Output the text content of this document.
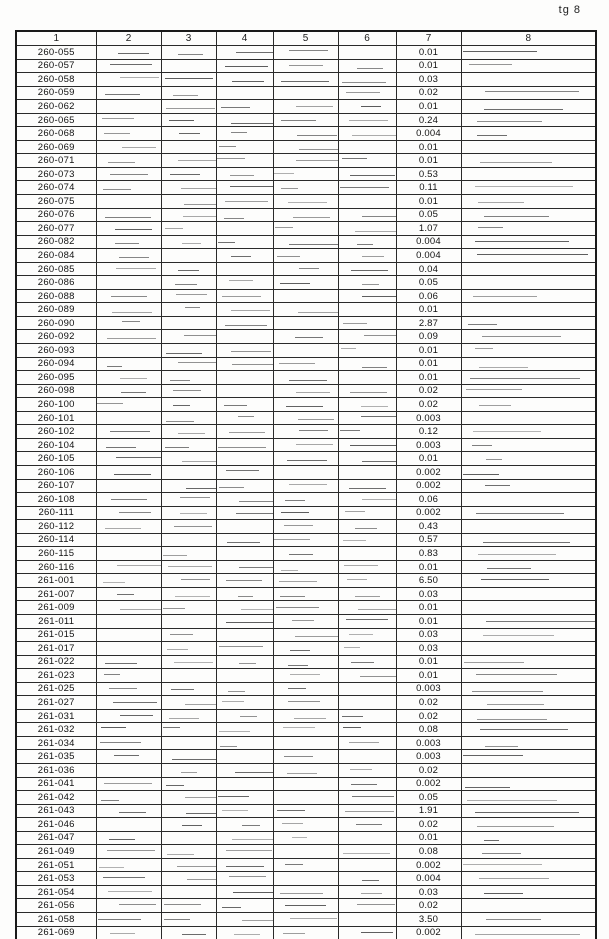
tg 8
1	2	3	4	5	6	7	8
260-055						0.01	
260-057						0.01	
260-058						0.03	
260-059						0.02	
260-062						0.01	
260-065						0.24	
260-068						0.004	
260-069						0.01	
260-071						0.01	
260-073						0.53	
260-074						0.11	
260-075						0.01	
260-076						0.05	
260-077						1.07	
260-082						0.004	
260-084						0.004	
260-085						0.04	
260-086						0.05	
260-088						0.06	
260-089						0.01	
260-090						2.87	
260-092						0.09	
260-093						0.01	
260-094						0.01	
260-095						0.01	
260-098						0.02	
260-100						0.02	
260-101						0.003	
260-102						0.12	
260-104						0.003	
260-105						0.01	
260-106						0.002	
260-107						0.002	
260-108						0.06	
260-111						0.002	
260-112						0.43	
260-114						0.57	
260-115						0.83	
260-116						0.01	
261-001						6.50	
261-007						0.03	
261-009						0.01	
261-011						0.01	
261-015						0.03	
261-017						0.03	
261-022						0.01	
261-023						0.01	
261-025						0.003	
261-027						0.02	
261-031						0.02	
261-032						0.08	
261-034						0.003	
261-035						0.003	
261-036						0.02	
261-041						0.002	
261-042						0.05	
261-043						1.91	
261-046						0.02	
261-047						0.01	
261-049						0.08	
261-051						0.002	
261-053						0.004	
261-054						0.03	
261-056						0.02	
261-058						3.50	
261-069						0.002	
